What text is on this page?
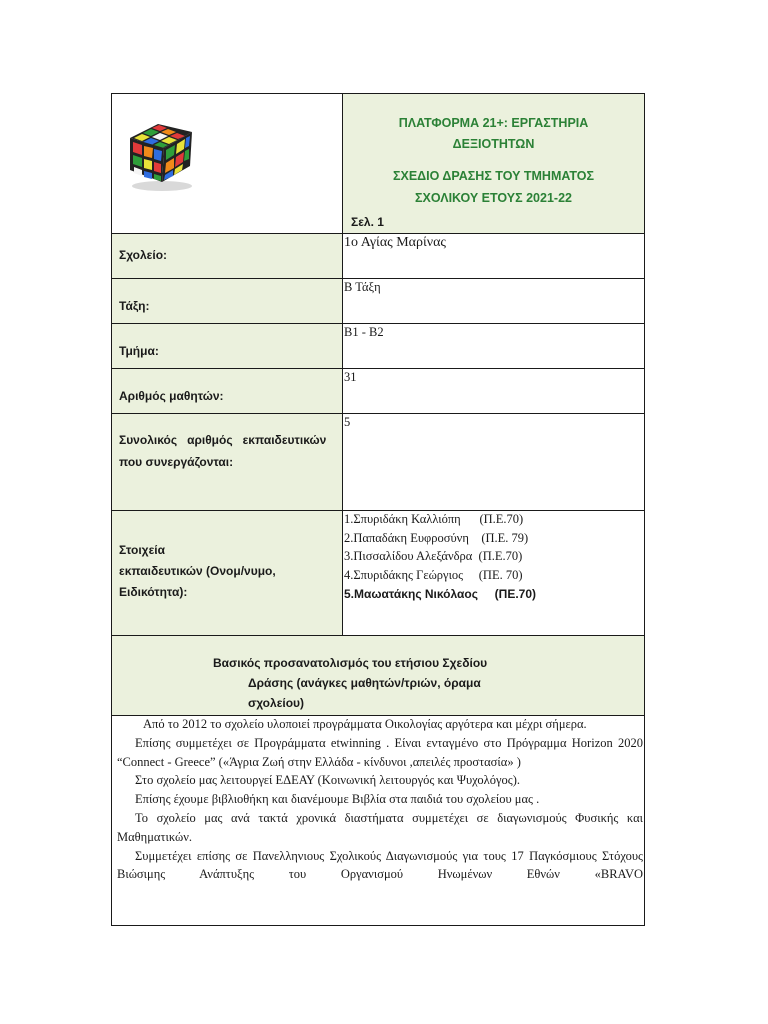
ΠΛΑΤΦΟΡΜΑ 21+: ΕΡΓΑΣΤΗΡΙΑ
ΔΕΞΙΟΤΗΤΩΝ
ΣΧΕΔΙΟ ΔΡΑΣΗΣ ΤΟΥ ΤΜΗΜΑΤΟΣ
ΣΧΟΛΙΚΟΥ ΕΤΟΥΣ 2021-22
Σελ. 1
Σχολείο:
1ο Αγίας Μαρίνας
Τάξη:
Β Τάξη
Τμήμα:
Β1 - Β2
Αριθμός μαθητών:
31
Συνολικός   αριθμός   εκπαιδευτικών
που συνεργάζονται:
5
Στοιχεία
εκπαιδευτικών (Ονομ/νυμο,
Ειδικότητα):
1.Σπυριδάκη Καλλιόπη      (Π.Ε.70)
2.Παπαδάκη Ευφροσύνη    (Π.Ε. 79)
3.Πισσαλίδου Αλεξάνδρα  (Π.Ε.70)
4.Σπυριδάκης Γεώργιος     (ΠΕ. 70)
5.Μαωατάκης Νικόλαος     (ΠΕ.70)
Βασικός προσανατολισμός του ετήσιου Σχεδίου
Δράσης (ανάγκες μαθητών/τριών, όραμα
σχολείου)

Από το 2012 το σχολείο υλοποιεί προγράμματα Οικολογίας αργότερα και μέχρι σήμερα.

Επίσης συμμετέχει σε Προγράμματα etwinning . Είναι ενταγμένο στο Πρόγραμμα Horizon 2020 “Connect - Greece” («Άγρια Ζωή στην Ελλάδα - κίνδυνοι ,απειλές προστασία» )

Στο σχολείο μας λειτουργεί ΕΔΕΑΥ (Κοινωνική λειτουργός και Ψυχολόγος).

Επίσης έχουμε βιβλιοθήκη και διανέμουμε Βιβλία στα παιδιά του σχολείου μας .

Το σχολείο μας ανά τακτά χρονικά διαστήματα συμμετέχει σε διαγωνισμούς Φυσικής και Μαθηματικών.

Συμμετέχει επίσης σε Πανελληνιους Σχολικούς Διαγωνισμούς για τους 17 Παγκόσμιους Στόχους Βιώσιμης Ανάπτυξης του Οργανισμού Ηνωμένων Εθνών «BRAVO
